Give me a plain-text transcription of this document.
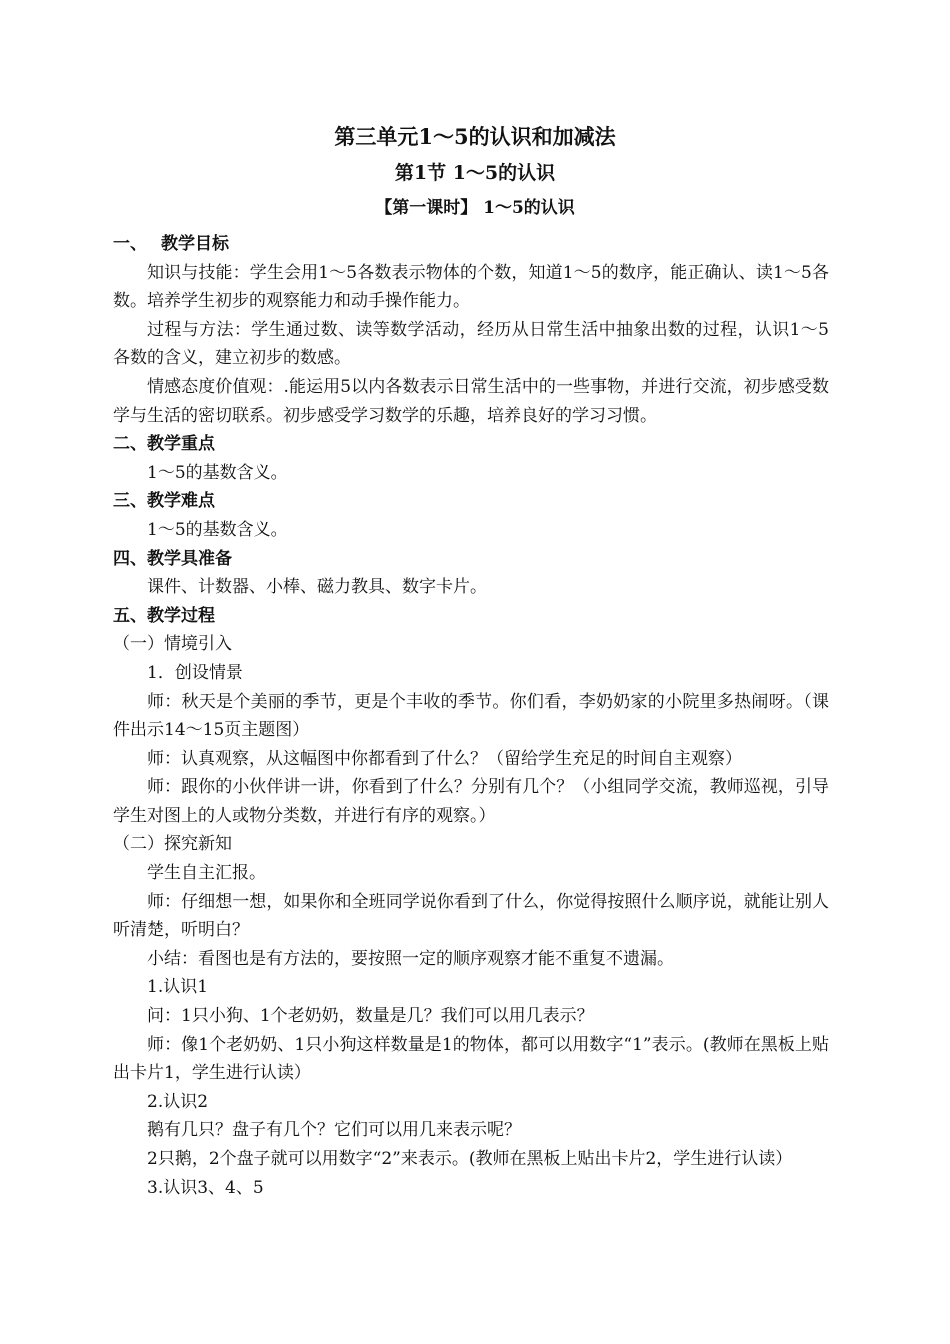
第三单元1～5的认识和加减法
第1节 1～5的认识
【第一课时】 1～5的认识

一、 教学目标

知识与技能：学生会用1～5各数表示物体的个数，知道1～5的数序，能正确认、读1～5各数。培养学生初步的观察能力和动手操作能力。

过程与方法：学生通过数、读等数学活动，经历从日常生活中抽象出数的过程，认识1～5各数的含义，建立初步的数感。

情感态度价值观：.能运用5以内各数表示日常生活中的一些事物，并进行交流，初步感受数学与生活的密切联系。初步感受学习数学的乐趣，培养良好的学习习惯。

二、教学重点

1～5的基数含义。

三、教学难点

1～5的基数含义。

四、教学具准备

课件、计数器、小棒、磁力教具、数字卡片。

五、教学过程

（一）情境引入

1．创设情景

师：秋天是个美丽的季节，更是个丰收的季节。你们看，李奶奶家的小院里多热闹呀。（课件出示14～15页主题图）

师：认真观察，从这幅图中你都看到了什么？（留给学生充足的时间自主观察）

师：跟你的小伙伴讲一讲，你看到了什么？分别有几个？（小组同学交流，教师巡视，引导学生对图上的人或物分类数，并进行有序的观察。）

（二）探究新知

学生自主汇报。

师：仔细想一想，如果你和全班同学说你看到了什么，你觉得按照什么顺序说，就能让别人听清楚，听明白？

小结：看图也是有方法的，要按照一定的顺序观察才能不重复不遗漏。

1.认识1

问：1只小狗、1个老奶奶，数量是几？我们可以用几表示？

师：像1个老奶奶、1只小狗这样数量是1的物体，都可以用数字“1”表示。(教师在黑板上贴出卡片1，学生进行认读）

2.认识2

鹅有几只？盘子有几个？它们可以用几来表示呢？

2只鹅，2个盘子就可以用数字“2”来表示。(教师在黑板上贴出卡片2，学生进行认读）

3.认识3、4、5
